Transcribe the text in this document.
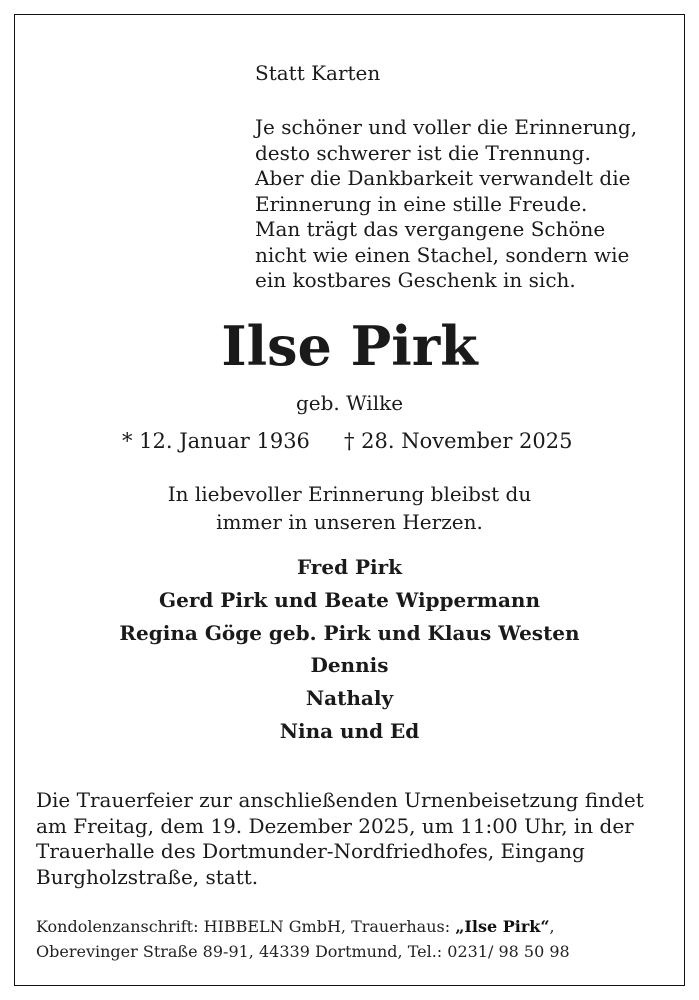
Statt Karten

Je schöner und voller die Erinnerung,
desto schwerer ist die Trennung.
Aber die Dankbarkeit verwandelt die
Erinnerung in eine stille Freude.
Man trägt das vergangene Schöne
nicht wie einen Stachel, sondern wie
ein kostbares Geschenk in sich.
Ilse Pirk
geb. Wilke
* 12. Januar 1936 † 28. November 2025
In liebevoller Erinnerung bleibst du
immer in unseren Herzen.
Fred Pirk
Gerd Pirk und Beate Wippermann
Regina Göge geb. Pirk und Klaus Westen
Dennis
Nathaly
Nina und Ed
Die Trauerfeier zur anschließenden Urnenbeisetzung findet
am Freitag, dem 19. Dezember 2025, um 11:00 Uhr, in der
Trauerhalle des Dortmunder-Nordfriedhofes, Eingang
Burgholzstraße, statt.
Kondolenzanschrift: HIBBELN GmbH, Trauerhaus: „Ilse Pirk“,
Oberevinger Straße 89-91, 44339 Dortmund, Tel.: 0231/ 98 50 98
